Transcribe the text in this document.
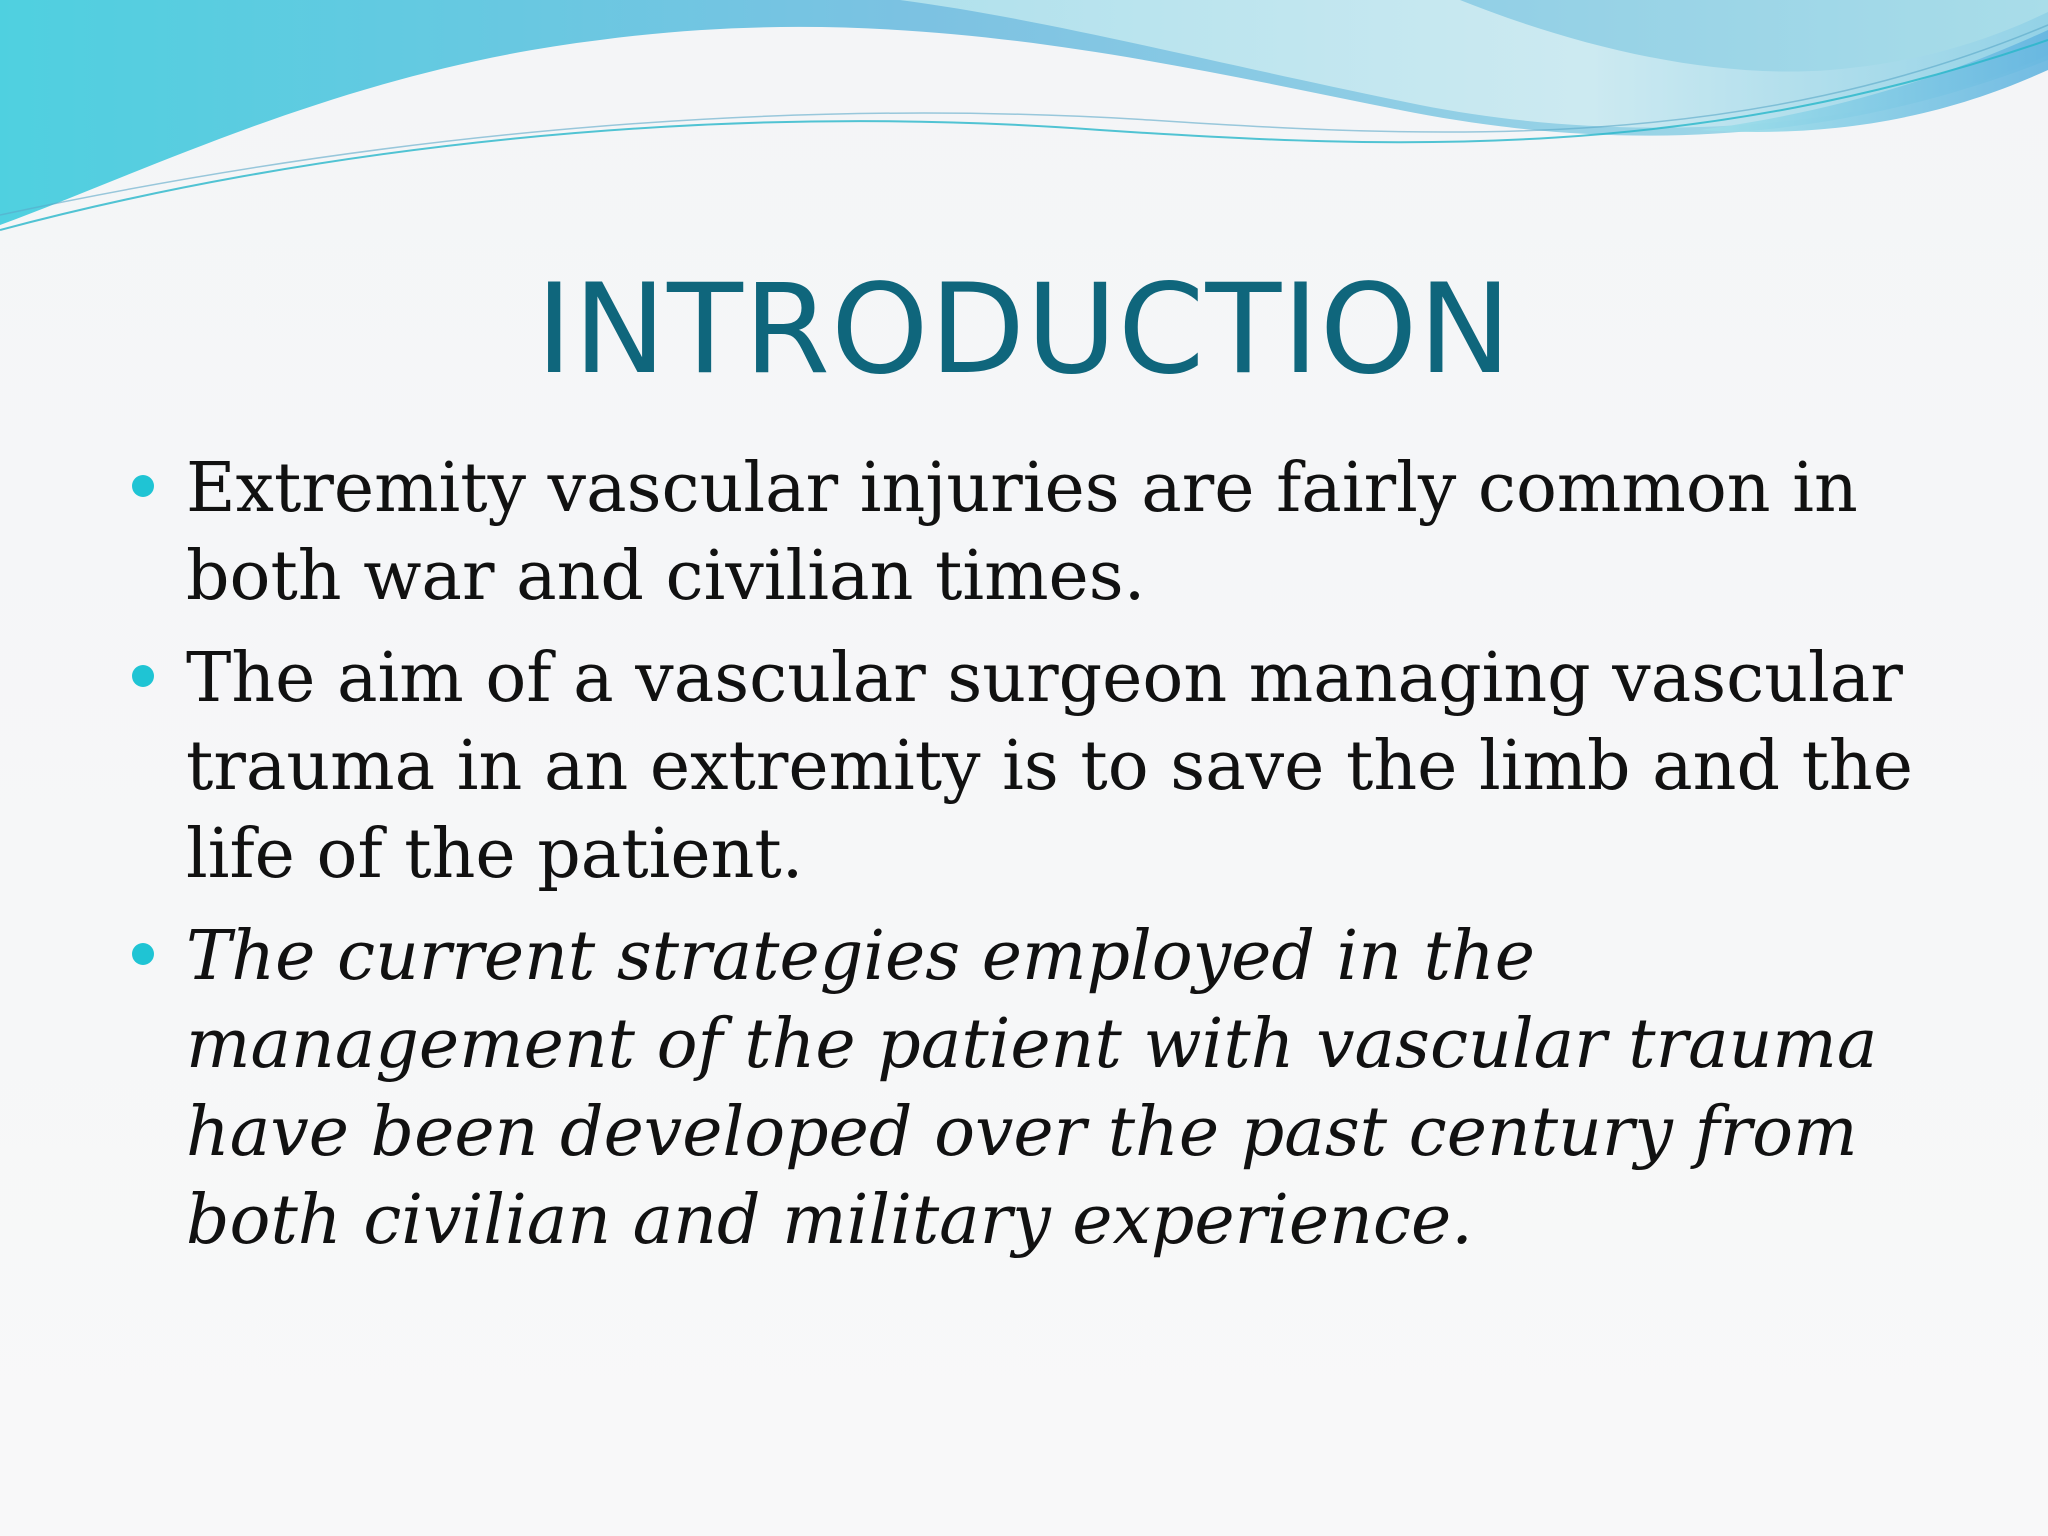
INTRODUCTION
Extremity vascular injuries are fairly common in both war and civilian times.
The aim of a vascular surgeon managing vascular trauma in an extremity is to save the limb and the life of the patient.
The current strategies employed in the management of the patient with vascular trauma have been developed over the past century from both civilian and military experience.
